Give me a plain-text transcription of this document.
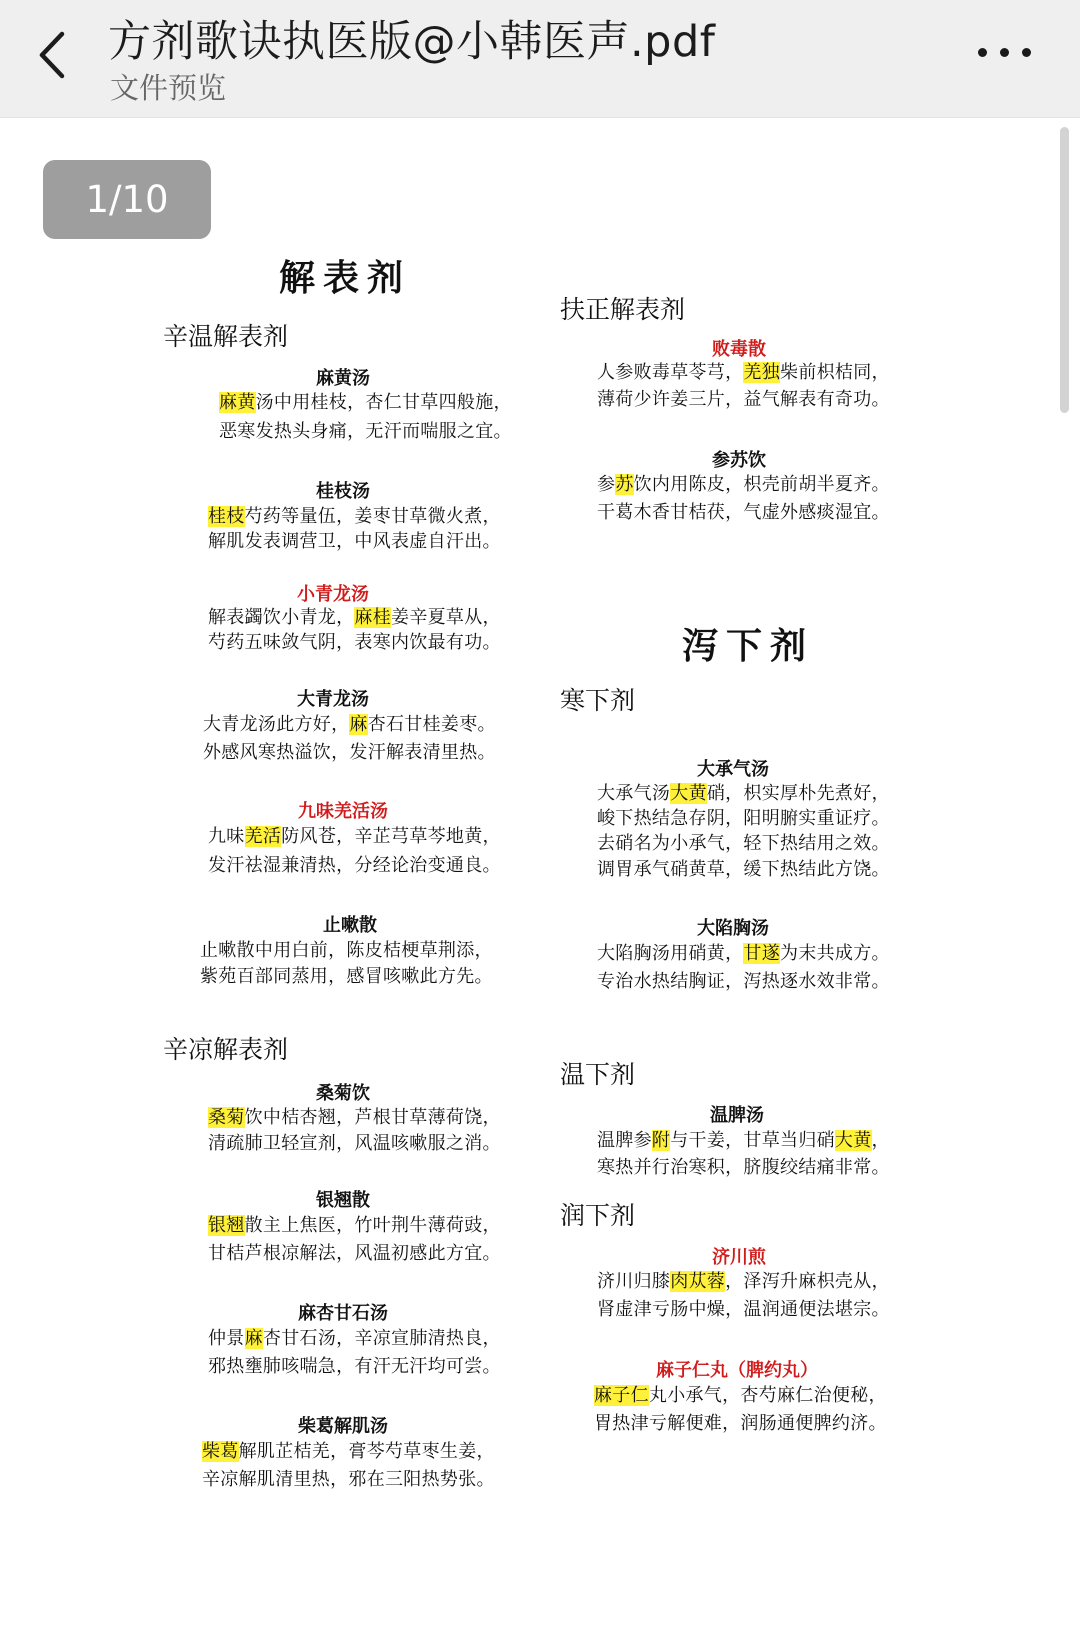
方剂歌诀执医版@小韩医声.pdf
文件预览
1/10
解表剂
辛温解表剂
麻黄汤
麻黄汤中用桂枝，杏仁甘草四般施，
恶寒发热头身痛，无汗而喘服之宜。
桂枝汤
桂枝芍药等量伍，姜枣甘草微火煮，
解肌发表调营卫，中风表虚自汗出。
小青龙汤
解表蠲饮小青龙，麻桂姜辛夏草从，
芍药五味敛气阴，表寒内饮最有功。
大青龙汤
大青龙汤此方好，麻杏石甘桂姜枣。
外感风寒热溢饮，发汗解表清里热。
九味羌活汤
九味羌活防风苍，辛芷芎草芩地黄，
发汗祛湿兼清热，分经论治变通良。
止嗽散
止嗽散中用白前，陈皮桔梗草荆添，
紫苑百部同蒸用，感冒咳嗽此方先。
辛凉解表剂
桑菊饮
桑菊饮中桔杏翘，芦根甘草薄荷饶，
清疏肺卫轻宣剂，风温咳嗽服之消。
银翘散
银翘散主上焦医，竹叶荆牛薄荷豉，
甘桔芦根凉解法，风温初感此方宜。
麻杏甘石汤
仲景麻杏甘石汤，辛凉宣肺清热良，
邪热壅肺咳喘急，有汗无汗均可尝。
柴葛解肌汤
柴葛解肌芷桔羌，膏芩芍草枣生姜，
辛凉解肌清里热，邪在三阳热势张。
扶正解表剂
败毒散
人参败毒草苓芎，羌独柴前枳桔同，
薄荷少许姜三片，益气解表有奇功。
参苏饮
参苏饮内用陈皮，枳壳前胡半夏齐。
干葛木香甘桔茯，气虚外感痰湿宜。
泻下剂
寒下剂
大承气汤
大承气汤大黄硝，枳实厚朴先煮好，
峻下热结急存阴，阳明腑实重证疗。
去硝名为小承气，轻下热结用之效。
调胃承气硝黄草，缓下热结此方饶。
大陷胸汤
大陷胸汤用硝黄，甘遂为末共成方。
专治水热结胸证，泻热逐水效非常。
温下剂
温脾汤
温脾参附与干姜，甘草当归硝大黄，
寒热并行治寒积，脐腹绞结痛非常。
润下剂
济川煎
济川归膝肉苁蓉，泽泻升麻枳壳从，
肾虚津亏肠中燥，温润通便法堪宗。
麻子仁丸（脾约丸）
麻子仁丸小承气，杏芍麻仁治便秘，
胃热津亏解便难，润肠通便脾约济。
